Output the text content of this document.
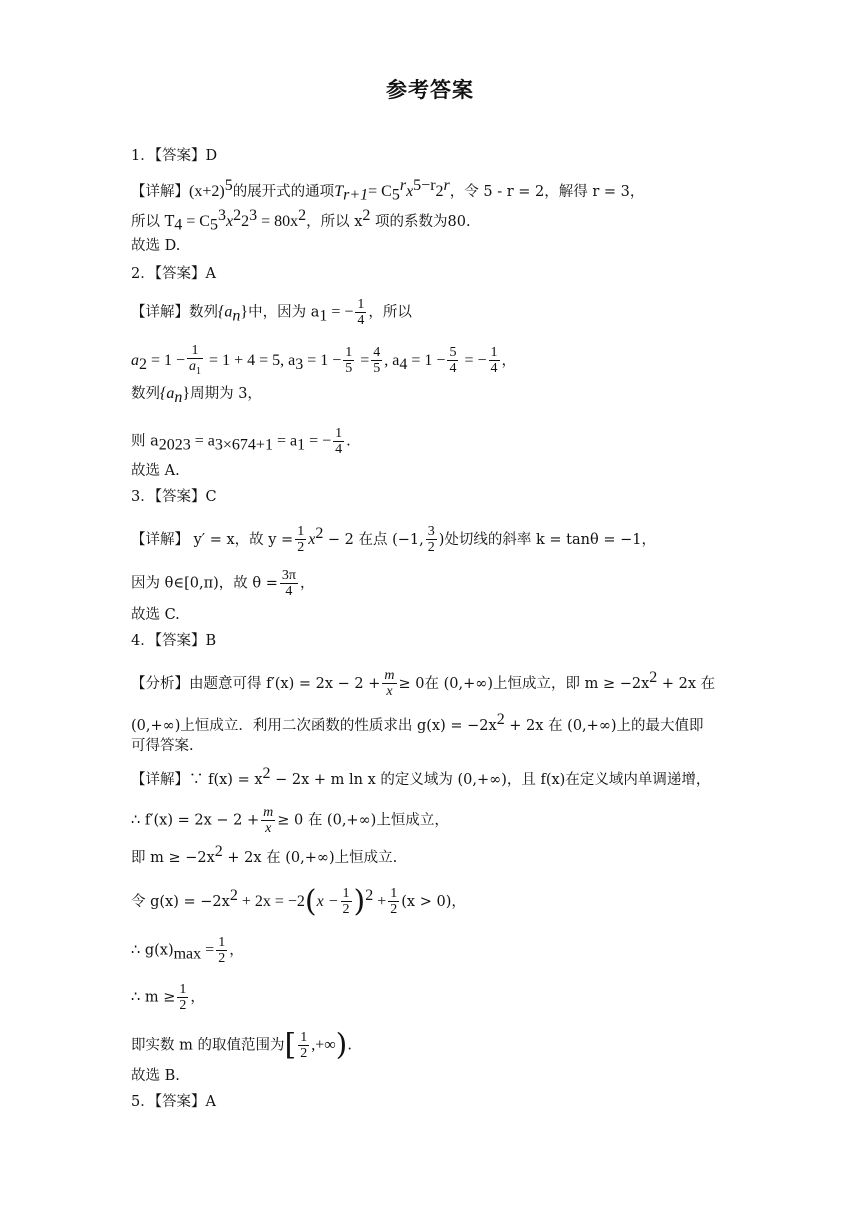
参考答案
1．【答案】D
【详解】$(x+2)^5$的展开式的通项$T_{r+1}= C_5^rx^{5-r}2^r$，令 5 - r = 2，解得 r = 3，
所以 $T_4 = C_5^3x^22^3 = 80x^2$，所以 $x^2$ 项的系数为80.
故选 D.
2．【答案】A
【详解】数列$\{a_n\}$中，因为 $a_1$ = − $\frac{1}{4}$ ，所以
$a_2 = 1 - \frac{1}{a_1} = 1 + 4 = 5$, $a_3 = 1 - \frac{1}{5} = \frac{4}{5}$ , $a_4 = 1 - \frac{5}{4}$ = − $\frac{1}{4}$ ，
数列$\{a_n\}$周期为 3，
则 $a_{2023} = a_{3\times 674+1} = a_1$ = − $\frac{1}{4}$ .
故选 A.
3．【答案】C
【详解】 y′ = x，故 $y = \frac{1}{2} x^2 - 2$ 在点 (−1, $\frac{3}{2}$ )处切线的斜率 k = tanθ = −1，
因为 θ∈[0,π)，故 $\theta = \frac{3\pi}{4}$ ，
故选 C.
4．【答案】B
【分析】由题意可得 $f'(x) = 2x - 2 + \frac{m}{x} \ge 0$在 (0,+∞)上恒成立，即 $m \ge -2x^2 + 2x$ 在
(0,+∞)上恒成立．利用二次函数的性质求出 $g(x) = -2x^2 + 2x$ 在 (0,+∞)上的最大值即
可得答案.
【详解】∵ $f(x) = x^2 - 2x + m$ ln x 的定义域为 (0,+∞)，且 f(x)在定义域内单调递增，
∴ $f'(x) = 2x - 2 + \frac{m}{x} \ge 0$ 在 (0,+∞)上恒成立，
即 $m \ge -2x^2 + 2x$ 在 (0,+∞)上恒成立.
令 $g(x) = -2x^2 + 2x = -2(x - \frac{1}{2} )^2 + \frac{1}{2} (x > 0)$，
∴ $g(x)_{max} = \frac{1}{2}$ ，
∴ $m \ge \frac{1}{2}$ ，
即实数 m 的取值范围为[ $\frac{1}{2}$ ,+∞).
故选 B.
5．【答案】A
